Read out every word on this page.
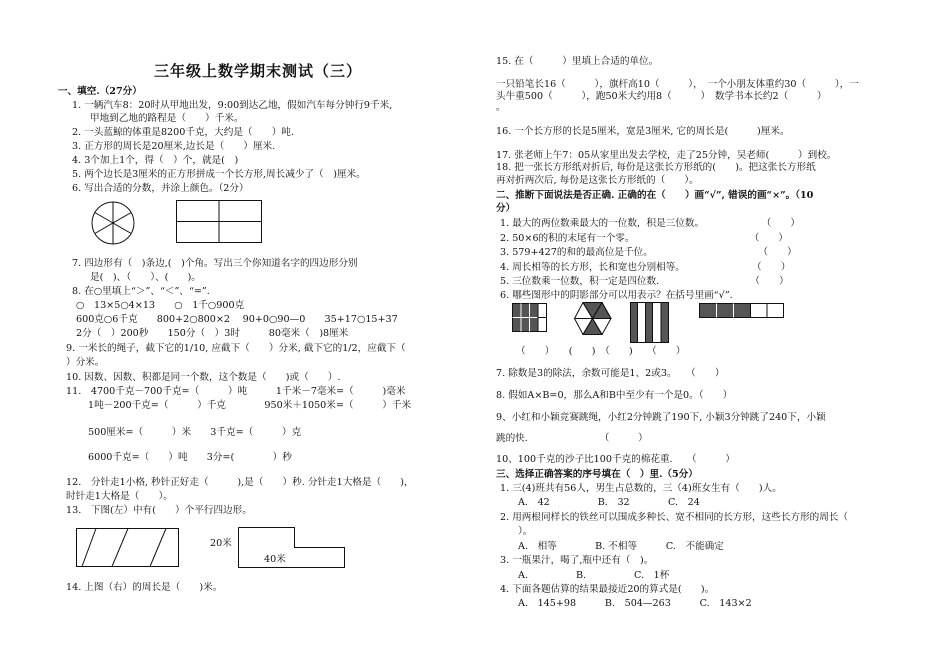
三年级上数学期末测试（三）
一、填空.（27分）
1. 一辆汽车8：20时从甲地出发，9:00到达乙地，假如汽车每分钟行9千米,
甲地到乙地的路程是（　　）千米。
2. 一头蓝鲸的体重是8200千克，大约是（　　）吨.
3. 正方形的周长是20厘米,边长是（　　）厘米.
4. 3个加上1个，得（　）个，就是(　)
5. 两个边长是3厘米的正方形拼成一个长方形,周长减少了（　)厘米。
6. 写出合适的分数，并涂上颜色。（2分）
7. 四边形有（　)条边,(　)个角。写出三个你知道名字的四边形分别
是(　)、（　　）、(　　)。
8. 在○里填上“＞”、“＜”、“=”.
○　13×5○4×13　　○　1千○900克
600克○6千克　　800+2○800×2　 90+0○90—0　　35+17○15+37
2分（　）200秒　　150分（　）3时　　　80毫米（　)8厘米
9. 一米长的绳子，截下它的1/10, 应截下（　　）分米, 截下它的1/2，应截下（
）分米。
10. 因数、因数、积都是同一个数，这个数是（　　)或（　　）.
11.　4700千克－700千克=（　　　）吨　　　1千米－7毫米=（　　　)毫米
1吨－200千克=（　　　）千克　　　　950米＋1050米=（　　　）千米
500厘米=（　　　）米　　3千克=（　　　）克
6000千克=（　　）吨　　3分=(　　　　）秒
12.　分针走1小格, 秒针正好走（　　　),是（　　）秒. 分针走1大格是（　　)，
时针走1大格是（　　）。
13.　下图(左）中有(　　）个平行四边形。
20米
40米
14. 上图（右）的周长是（　　)米。
15. 在（　　　）里填上合适的单位。
一只铅笔长16（　　　），旗杆高10（　　　），　一个小朋友体重约30（　　　），一
头牛重500（　　　），跑50米大约用8（　　　）　数学书本长约2（　　　）
。
16. 一个长方形的长是5厘米，宽是3厘米, 它的周长是(　　　)厘米。
17. 张老师上午7：05从家里出发去学校，走了25分钟，吴老师(　　　）到校。
18. 把一张长方形纸对折后, 每份是这张长方形纸的(　　)。把这张长方形纸
再对折两次后, 每份是这张长方形纸的（　　）。
二、推断下面说法是否正确. 正确的在（　　）画“√”, 错误的画“×”。（10
分）
1. 最大的两位数乘最大的一位数，积是三位数。　　　　　　　（　　）
2. 50×6的积的末尾有一个零。　　　　　　　　　　　　　（　　）
3. 579+427的和的最高位是千位。　　　　　　　　　　　　（　　）
4. 周长相等的长方形，长和宽也分别相等。　　　　　　　　（　　）
5. 三位数乘一位数，积一定是四位数.　　　　　　　　　　（　　）
6. 哪些图形中的阴影部分可以用表示？在括号里画“√”.
（　　）　　(　　)　（　　)　　（　　）
7. 除数是3的除法，余数可能是1、2或3。　　（　　）
8. 假如A×B=0，那么A和B中至少有一个是0。（　　）
9、小红和小颖竞赛跳绳，小红2分钟跳了190下, 小颖3分钟跳了240下，小颖
跳的快.　　　　　　　　（　　　）
10、100千克的沙子比100千克的棉花重.　　（　　　）
三、选择正确答案的序号填在（　）里.（5分）
1. 三(4)班共有56人，男生占总数的，三（4)班女生有（　　)人。
A.　42　　　　　B.　32　　　　C.　24
2. 用两根同样长的铁丝可以围成多种长、宽不相同的长方形，这些长方形的周长（
）。
A.　相等　　　　B. 不相等　　　C.　不能确定
3. 一瓶果汁，喝了,瓶中还有（　)。
A.　　　　　B.　　　　　C.　1杯
4. 下面各题估算的结果最接近20的算式是(　　)。
A.　145+98　　　B.　504—263　　　C.　143×2
